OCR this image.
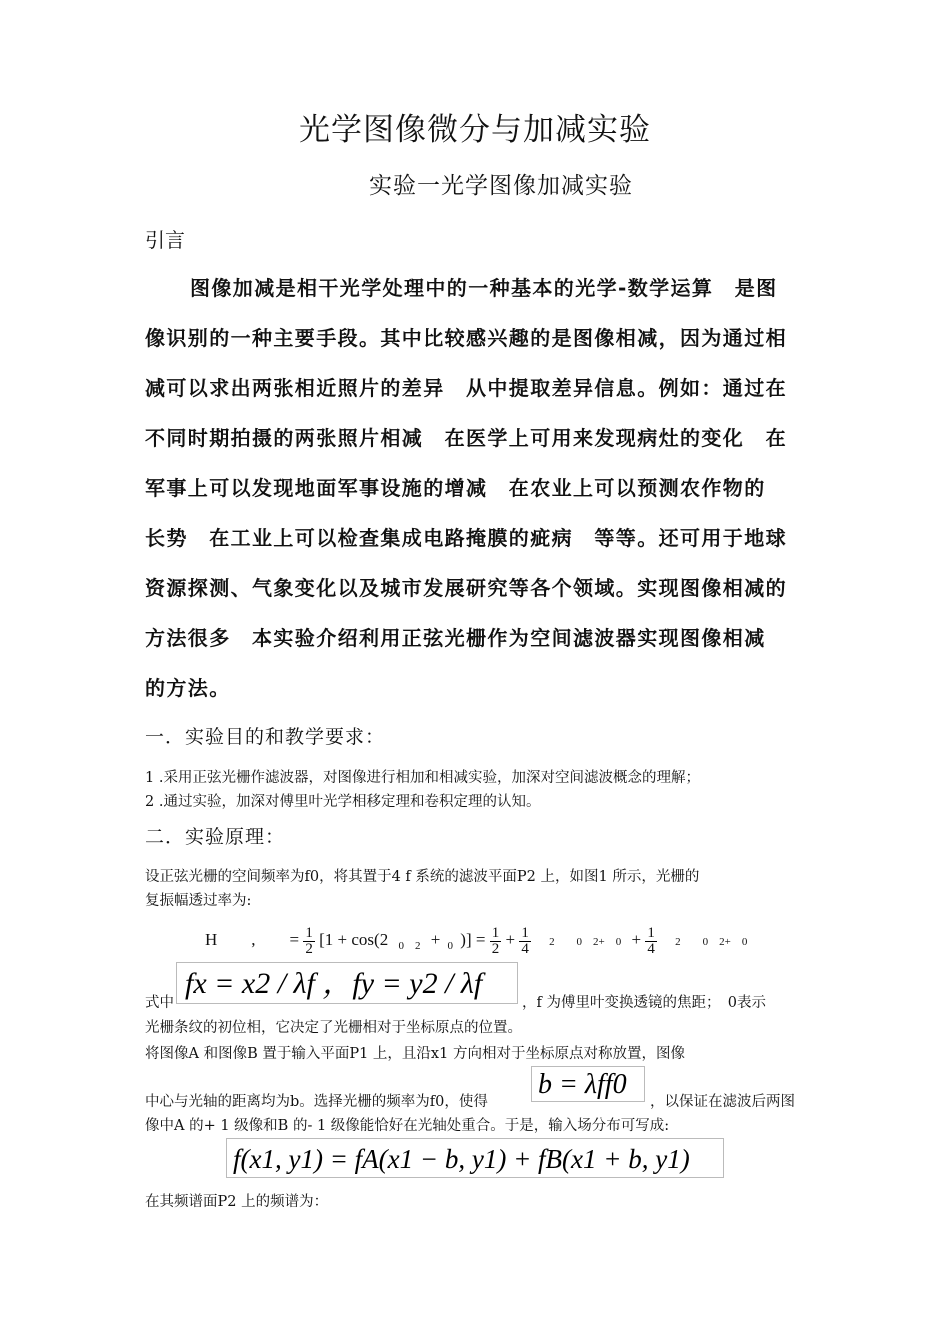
光学图像微分与加减实验
实验一光学图像加减实验
引言
图像加减是相干光学处理中的一种基本的光学-数学运算　是图
像识别的一种主要手段。其中比较感兴趣的是图像相减，因为通过相
减可以求出两张相近照片的差异　从中提取差异信息。例如：通过在
不同时期拍摄的两张照片相减　在医学上可用来发现病灶的变化　在
军事上可以发现地面军事设施的增减　在农业上可以预测农作物的
长势　在工业上可以检查集成电路掩膜的疵病　等等。还可用于地球
资源探测、气象变化以及城市发展研究等各个领域。实现图像相减的
方法很多　本实验介绍利用正弦光栅作为空间滤波器实现图像相减
的方法。
一．实验目的和教学要求：
1 .采用正弦光栅作滤波器，对图像进行相加和相减实验，加深对空间滤波概念的理解；
2 .通过实验，加深对傅里叶光学相移定理和卷积定理的认知。
二．实验原理：
设正弦光栅的空间频率为f0，将其置于4 f 系统的滤波平面P2 上，如图1 所示，光栅的
复振幅透过率为:
H　　,　　= $\frac{1}{2} [1 + \cos(2$ $_{0 2}$ + $_0$ )] = $\frac{1}{2} + \frac{1}{4} 2$　　0　2+　$0 + \frac{1}{4} 2$　　0　2+　0
式中
fx = x2 / λf ，fy = y2 / λf
，f 为傅里叶变换透镜的焦距；　0表示
光栅条纹的初位相，它决定了光栅相对于坐标原点的位置。
将图像A 和图像B 置于输入平面P1 上，且沿x1 方向相对于坐标原点对称放置，图像
中心与光轴的距离均为b。选择光栅的频率为f0，使得
b = λff0
，以保证在滤波后两图
像中A 的+ 1 级像和B 的- 1 级像能恰好在光轴处重合。于是，输入场分布可写成:
f(x1, y1) = fA(x1 − b, y1) + fB(x1 + b, y1)
在其频谱面P2 上的频谱为：
